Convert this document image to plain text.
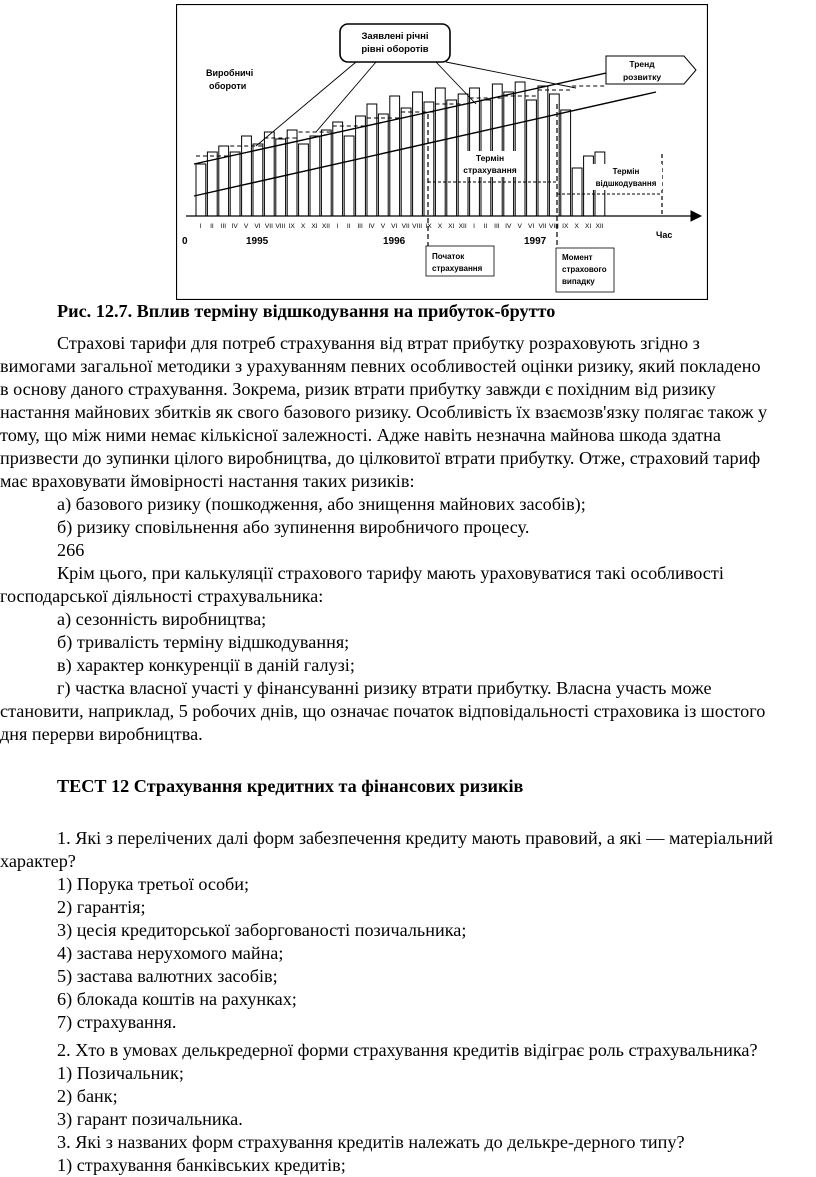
Заявлені річні
рівні оборотів
Виробничі
обороти
Тренд
розвитку
Термін
страхування	Термін
відшкодування
I II III IV V VI VII VIII IX X XI XII I II III IV V VI VII VIII IX X XI XII I II III IV V VI VII VIII IX X XI XII
0
Час
1995	1996	1997
Початок
страхування
Момент
страхового
випадку
Рис. 12.7. Вплив терміну відшкодування на прибуток-брутто
Страхові тарифи для потреб страхування від втрат прибутку розраховують згідно з
вимогами загальної методики з урахуванням певних особливостей оцінки ризику, який покладено
в основу даного страхування. Зокрема, ризик втрати прибутку завжди є похідним від ризику
настання майнових збитків як свого базового ризику. Особливість їх взаємозв'язку полягає також у
тому, що між ними немає кількісної залежності. Адже навіть незначна майнова шкода здатна
призвести до зупинки цілого виробництва, до цілковитої втрати прибутку. Отже, страховий тариф
має враховувати ймовірності настання таких ризиків:
а) базового ризику (пошкодження, або знищення майнових засобів);
б) ризику сповільнення або зупинення виробничого процесу.
266
Крім цього, при калькуляції страхового тарифу мають ураховуватися такі особливості
господарської діяльності страхувальника:
а) сезонність виробництва;
б) тривалість терміну відшкодування;
в) характер конкуренції в даній галузі;
г) частка власної участі у фінансуванні ризику втрати прибутку. Власна участь може
становити, наприклад, 5 робочих днів, що означає початок відповідальності страховика із шостого
дня перерви виробництва.
ТЕСТ 12 Страхування кредитних та фінансових ризиків
1. Які з перелічених далі форм забезпечення кредиту мають правовий, а які — матеріальний
характер?
1) Порука третьої особи;
2) гарантія;
3) цесія кредиторської заборгованості позичальника;
4) застава нерухомого майна;
5) застава валютних засобів;
6) блокада коштів на рахунках;
7) страхування.
2. Хто в умовах делькредерної форми страхування кредитів відіграє роль страхувальника?
1) Позичальник;
2) банк;
3) гарант позичальника.
3. Які з названих форм страхування кредитів належать до делькре-дерного типу?
1) страхування банківських кредитів;
